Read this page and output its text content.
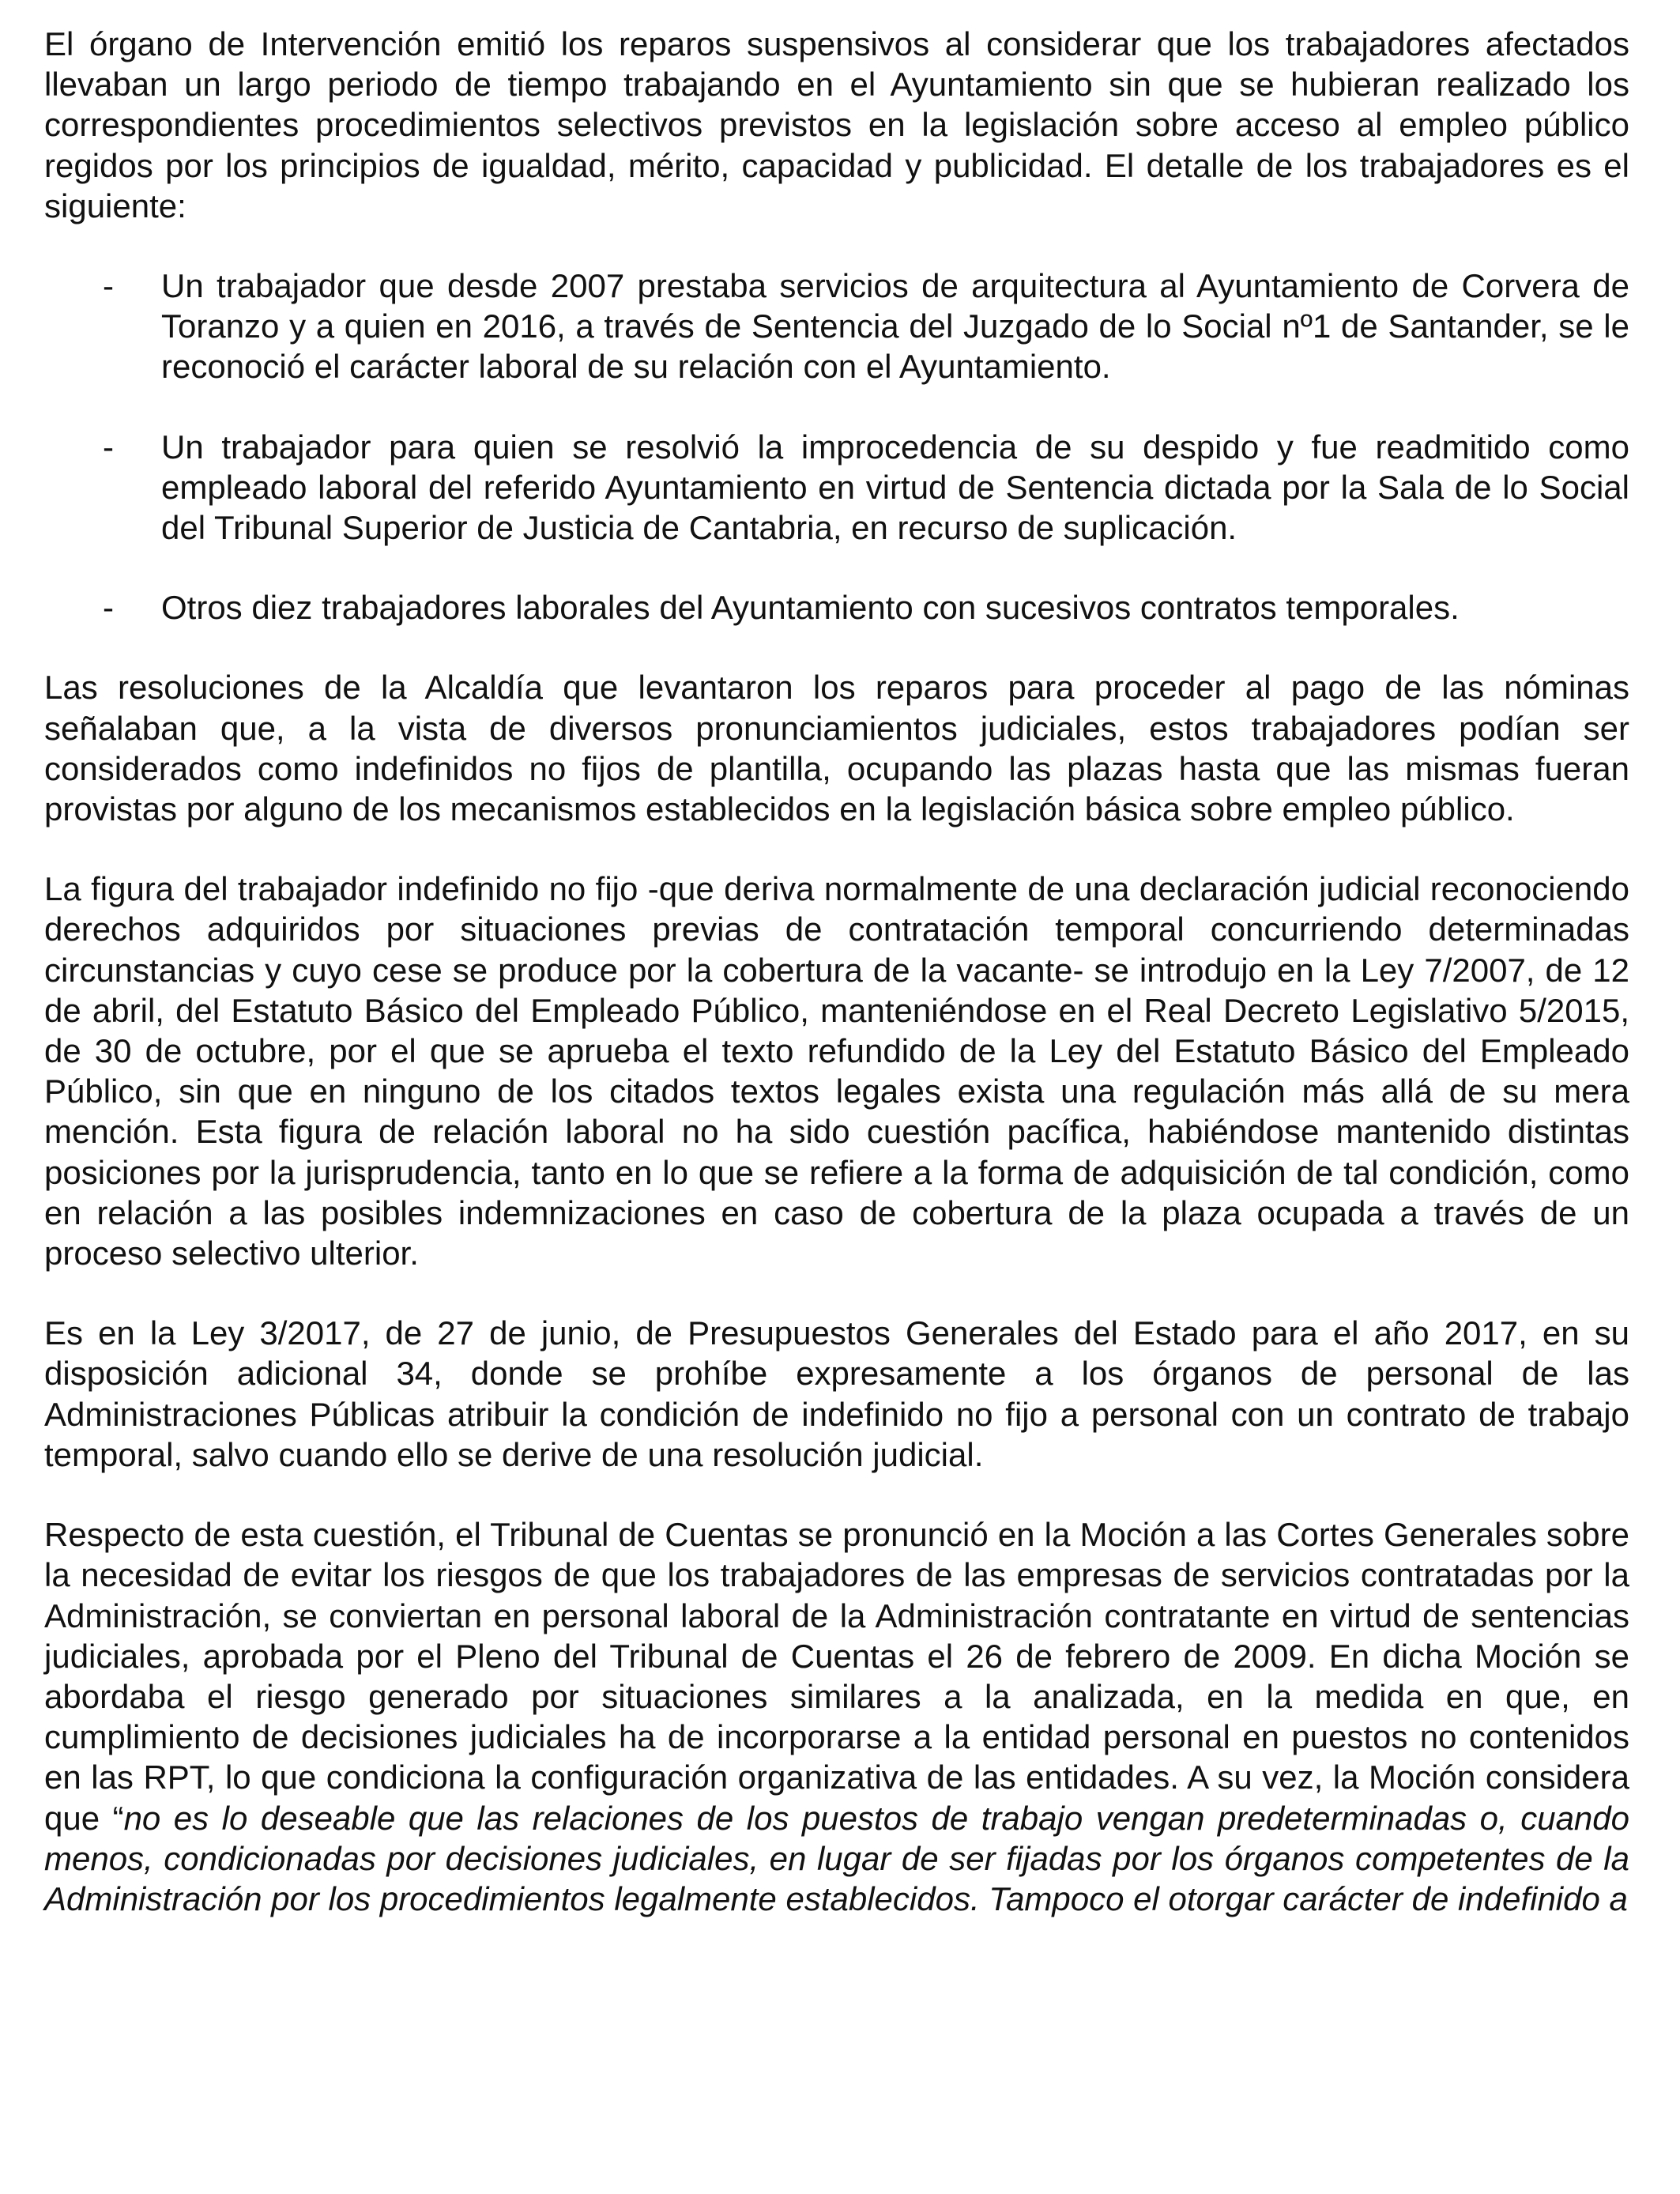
El órgano de Intervención emitió los reparos suspensivos al considerar que los trabajadores afectados llevaban un largo periodo de tiempo trabajando en el Ayuntamiento sin que se hubieran realizado los correspondientes procedimientos selectivos previstos en la legislación sobre acceso al empleo público regidos por los principios de igualdad, mérito, capacidad y publicidad. El detalle de los trabajadores es el siguiente:

- Un trabajador que desde 2007 prestaba servicios de arquitectura al Ayuntamiento de Corvera de Toranzo y a quien en 2016, a través de Sentencia del Juzgado de lo Social nº1 de Santander, se le reconoció el carácter laboral de su relación con el Ayuntamiento.
- Un trabajador para quien se resolvió la improcedencia de su despido y fue readmitido como empleado laboral del referido Ayuntamiento en virtud de Sentencia dictada por la Sala de lo Social del Tribunal Superior de Justicia de Cantabria, en recurso de suplicación.
- Otros diez trabajadores laborales del Ayuntamiento con sucesivos contratos temporales.

Las resoluciones de la Alcaldía que levantaron los reparos para proceder al pago de las nóminas señalaban que, a la vista de diversos pronunciamientos judiciales, estos trabajadores podían ser considerados como indefinidos no fijos de plantilla, ocupando las plazas hasta que las mismas fueran provistas por alguno de los mecanismos establecidos en la legislación básica sobre empleo público.

La figura del trabajador indefinido no fijo -que deriva normalmente de una declaración judicial reconociendo derechos adquiridos por situaciones previas de contratación temporal concurriendo determinadas circunstancias y cuyo cese se produce por la cobertura de la vacante- se introdujo en la Ley 7/2007, de 12 de abril, del Estatuto Básico del Empleado Público, manteniéndose en el Real Decreto Legislativo 5/2015, de 30 de octubre, por el que se aprueba el texto refundido de la Ley del Estatuto Básico del Empleado Público, sin que en ninguno de los citados textos legales exista una regulación más allá de su mera mención. Esta figura de relación laboral no ha sido cuestión pacífica, habiéndose mantenido distintas posiciones por la jurisprudencia, tanto en lo que se refiere a la forma de adquisición de tal condición, como en relación a las posibles indemnizaciones en caso de cobertura de la plaza ocupada a través de un proceso selectivo ulterior.

Es en la Ley 3/2017, de 27 de junio, de Presupuestos Generales del Estado para el año 2017, en su disposición adicional 34, donde se prohíbe expresamente a los órganos de personal de las Administraciones Públicas atribuir la condición de indefinido no fijo a personal con un contrato de trabajo temporal, salvo cuando ello se derive de una resolución judicial.

Respecto de esta cuestión, el Tribunal de Cuentas se pronunció en la Moción a las Cortes Generales sobre la necesidad de evitar los riesgos de que los trabajadores de las empresas de servicios contratadas por la Administración, se conviertan en personal laboral de la Administración contratante en virtud de sentencias judiciales, aprobada por el Pleno del Tribunal de Cuentas el 26 de febrero de 2009. En dicha Moción se abordaba el riesgo generado por situaciones similares a la analizada, en la medida en que, en cumplimiento de decisiones judiciales ha de incorporarse a la entidad personal en puestos no contenidos en las RPT, lo que condiciona la configuración organizativa de las entidades. A su vez, la Moción considera que “no es lo deseable que las relaciones de los puestos de trabajo vengan predeterminadas o, cuando menos, condicionadas por decisiones judiciales, en lugar de ser fijadas por los órganos competentes de la Administración por los procedimientos legalmente establecidos. Tampoco el otorgar carácter de indefinido a
